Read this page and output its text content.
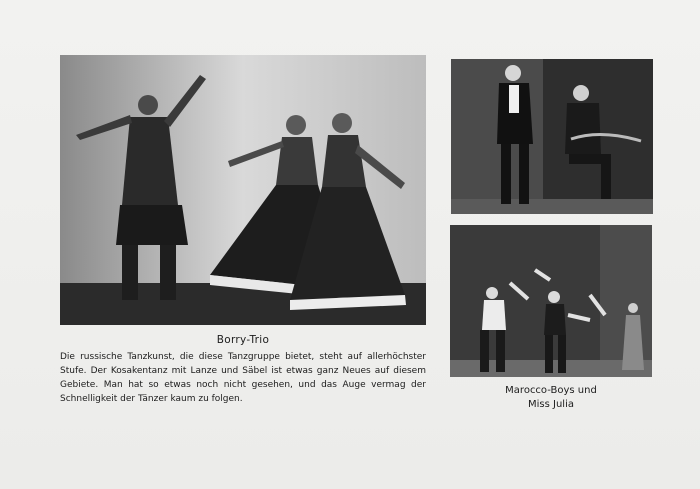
Borry-Trio
Die russische Tanzkunst, die diese Tanzgruppe bietet, steht auf allerhöchster Stufe. Der Kosakentanz mit Lanze und Säbel ist etwas ganz Neues auf diesem Gebiete. Man hat so etwas noch nicht gesehen, und das Auge vermag der Schnelligkeit der Tänzer kaum zu folgen.
Marocco-Boys und
Miss Julia
